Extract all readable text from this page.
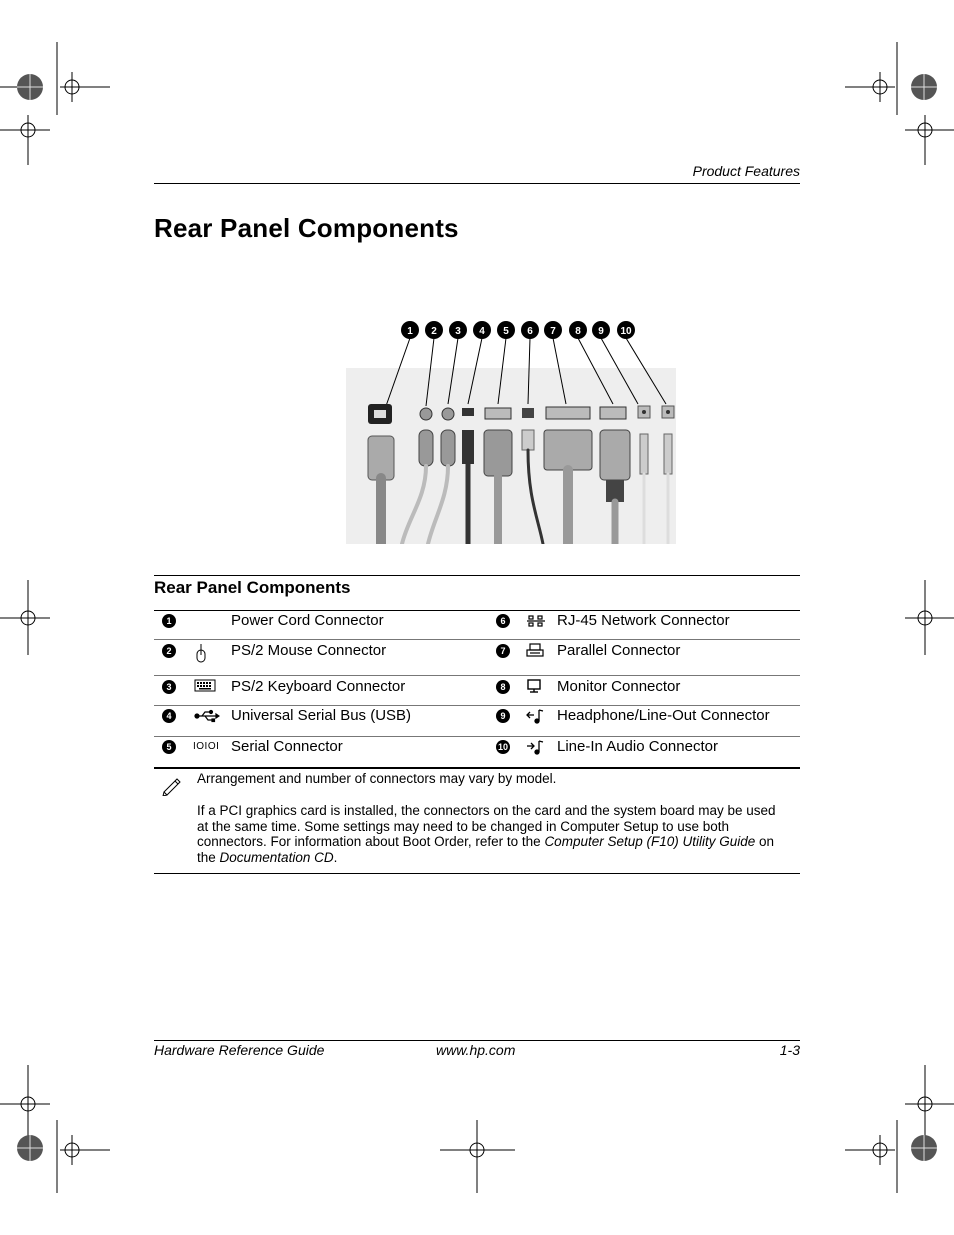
Product Features
Rear Panel Components
1 2 3 4 5 6 7 8 9 10
Rear Panel Components
1	Power Cord Connector	6	RJ-45 Network Connector
2	PS/2 Mouse Connector	7	Parallel Connector
3	PS/2 Keyboard Connector	8	Monitor Connector
4	Universal Serial Bus (USB)	9	Headphone/Line-Out Connector
5	IOIOI Serial Connector	10	Line-In Audio Connector
Arrangement and number of connectors may vary by model.
If a PCI graphics card is installed, the connectors on the card and the system board may be used at the same time. Some settings may need to be changed in Computer Setup to use both connectors. For information about Boot Order, refer to the Computer Setup (F10) Utility Guide on the Documentation CD.
Hardware Reference Guide	www.hp.com	1-3
